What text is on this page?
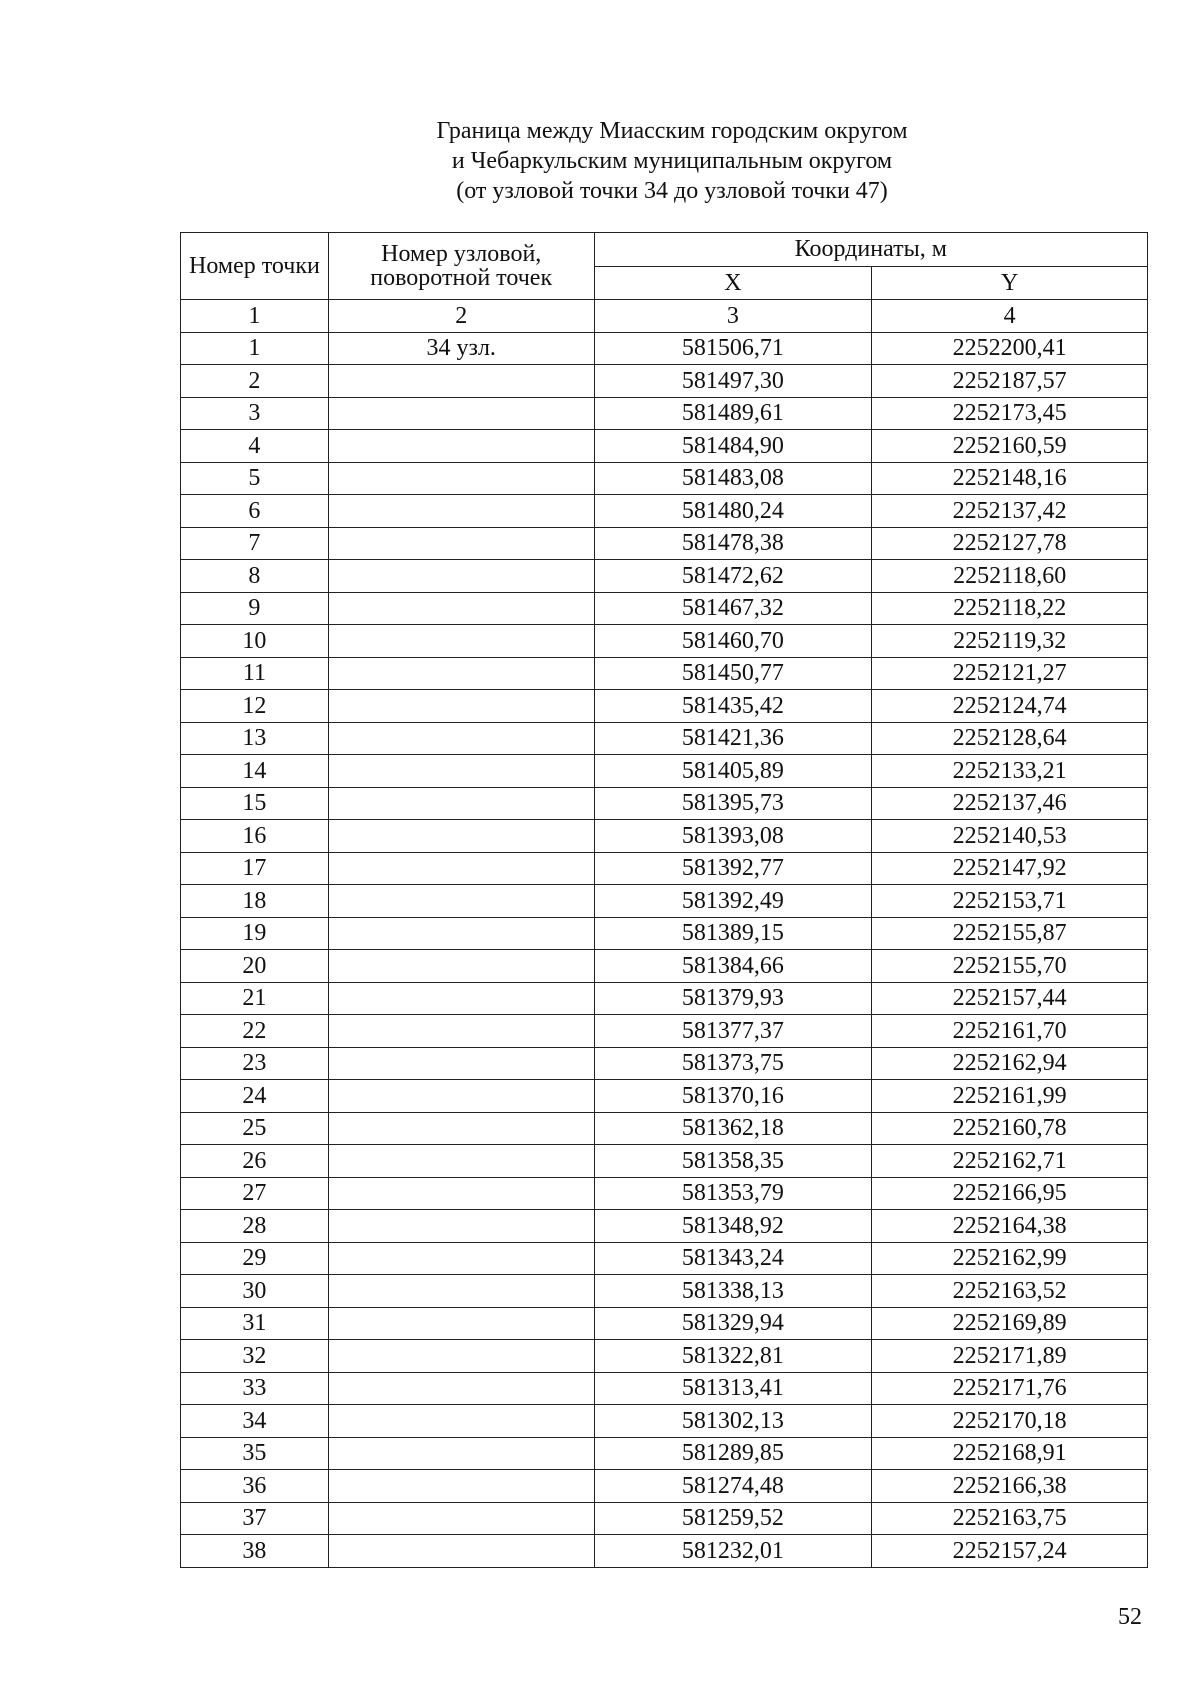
Граница между Миасским городским округом
и Чебаркульским муниципальным округом
(от узловой точки 34 до узловой точки 47)
Номер точки	Номер узловой, поворотной точек	Координаты, м	
		X	Y
1	2	3	4
1	34 узл.	581506,71	2252200,41
2		581497,30	2252187,57
3		581489,61	2252173,45
4		581484,90	2252160,59
5		581483,08	2252148,16
6		581480,24	2252137,42
7		581478,38	2252127,78
8		581472,62	2252118,60
9		581467,32	2252118,22
10		581460,70	2252119,32
11		581450,77	2252121,27
12		581435,42	2252124,74
13		581421,36	2252128,64
14		581405,89	2252133,21
15		581395,73	2252137,46
16		581393,08	2252140,53
17		581392,77	2252147,92
18		581392,49	2252153,71
19		581389,15	2252155,87
20		581384,66	2252155,70
21		581379,93	2252157,44
22		581377,37	2252161,70
23		581373,75	2252162,94
24		581370,16	2252161,99
25		581362,18	2252160,78
26		581358,35	2252162,71
27		581353,79	2252166,95
28		581348,92	2252164,38
29		581343,24	2252162,99
30		581338,13	2252163,52
31		581329,94	2252169,89
32		581322,81	2252171,89
33		581313,41	2252171,76
34		581302,13	2252170,18
35		581289,85	2252168,91
36		581274,48	2252166,38
37		581259,52	2252163,75
38		581232,01	2252157,24
52
